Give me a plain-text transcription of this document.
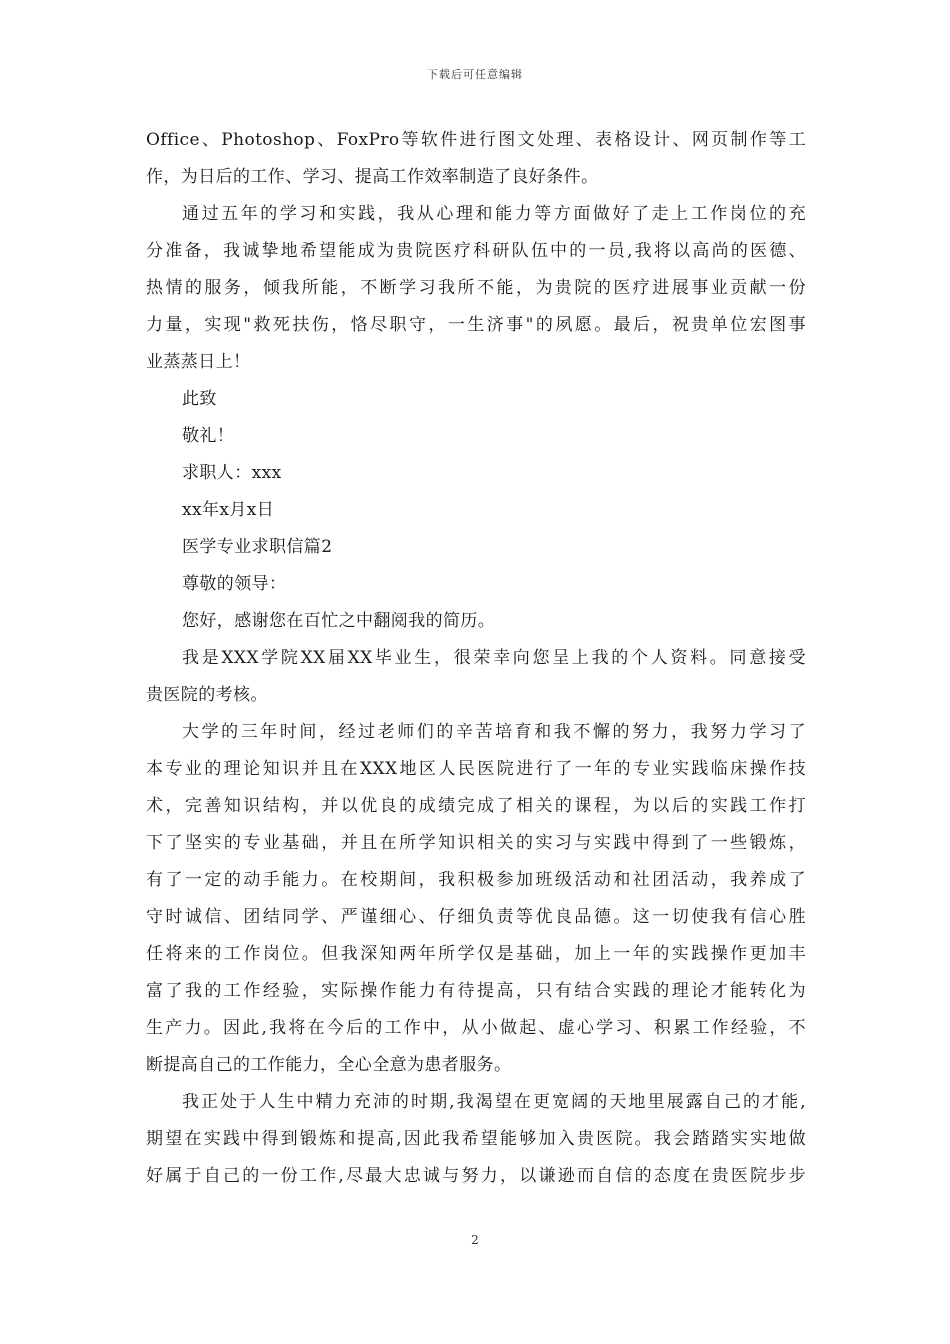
下载后可任意编辑
Office、Photoshop、FoxPro等软件进行图文处理、表格设计、网页制作等工
作，为日后的工作、学习、提高工作效率制造了良好条件。
通过五年的学习和实践，我从心理和能力等方面做好了走上工作岗位的充
分准备，我诚挚地希望能成为贵院医疗科研队伍中的一员,我将以高尚的医德、
热情的服务，倾我所能，不断学习我所不能，为贵院的医疗进展事业贡献一份
力量，实现"救死扶伤，恪尽职守，一生济事"的夙愿。最后，祝贵单位宏图事
业蒸蒸日上！
此致
敬礼！
求职人：xxx
xx年x月x日
医学专业求职信篇2
尊敬的领导：
您好，感谢您在百忙之中翻阅我的简历。
我是XXX学院XX届XX毕业生，很荣幸向您呈上我的个人资料。同意接受
贵医院的考核。
大学的三年时间，经过老师们的辛苦培育和我不懈的努力，我努力学习了
本专业的理论知识并且在XXX地区人民医院进行了一年的专业实践临床操作技
术，完善知识结构，并以优良的成绩完成了相关的课程，为以后的实践工作打
下了坚实的专业基础，并且在所学知识相关的实习与实践中得到了一些锻炼，
有了一定的动手能力。在校期间，我积极参加班级活动和社团活动，我养成了
守时诚信、团结同学、严谨细心、仔细负责等优良品德。这一切使我有信心胜
任将来的工作岗位。但我深知两年所学仅是基础，加上一年的实践操作更加丰
富了我的工作经验，实际操作能力有待提高，只有结合实践的理论才能转化为
生产力。因此,我将在今后的工作中，从小做起、虚心学习、积累工作经验，不
断提高自己的工作能力，全心全意为患者服务。
我正处于人生中精力充沛的时期,我渴望在更宽阔的天地里展露自己的才能,
期望在实践中得到锻炼和提高,因此我希望能够加入贵医院。我会踏踏实实地做
好属于自己的一份工作,尽最大忠诚与努力，以谦逊而自信的态度在贵医院步步
2
